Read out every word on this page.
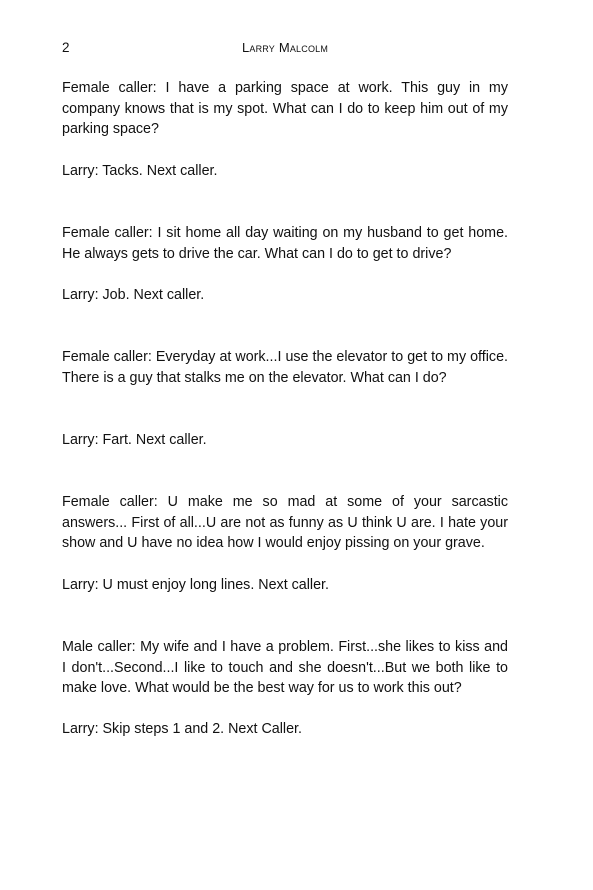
2	Larry Malcolm

Female caller: I have a parking space at work. This guy in my company knows that is my spot. What can I do to keep him out of my parking space?

Larry: Tacks. Next caller.

Female caller: I sit home all day waiting on my husband to get home. He always gets to drive the car. What can I do to get to drive?

Larry: Job. Next caller.

Female caller: Everyday at work...I use the elevator to get to my office. There is a guy that stalks me on the elevator. What can I do?

Larry: Fart. Next caller.

Female caller: U make me so mad at some of your sarcastic answers... First of all...U are not as funny as U think U are. I hate your show and U have no idea how I would enjoy pissing on your grave.

Larry: U must enjoy long lines. Next caller.

Male caller: My wife and I have a problem. First...she likes to kiss and I don't...Second...I like to touch and she doesn't...But we both like to make love. What would be the best way for us to work this out?

Larry: Skip steps 1 and 2. Next Caller.
